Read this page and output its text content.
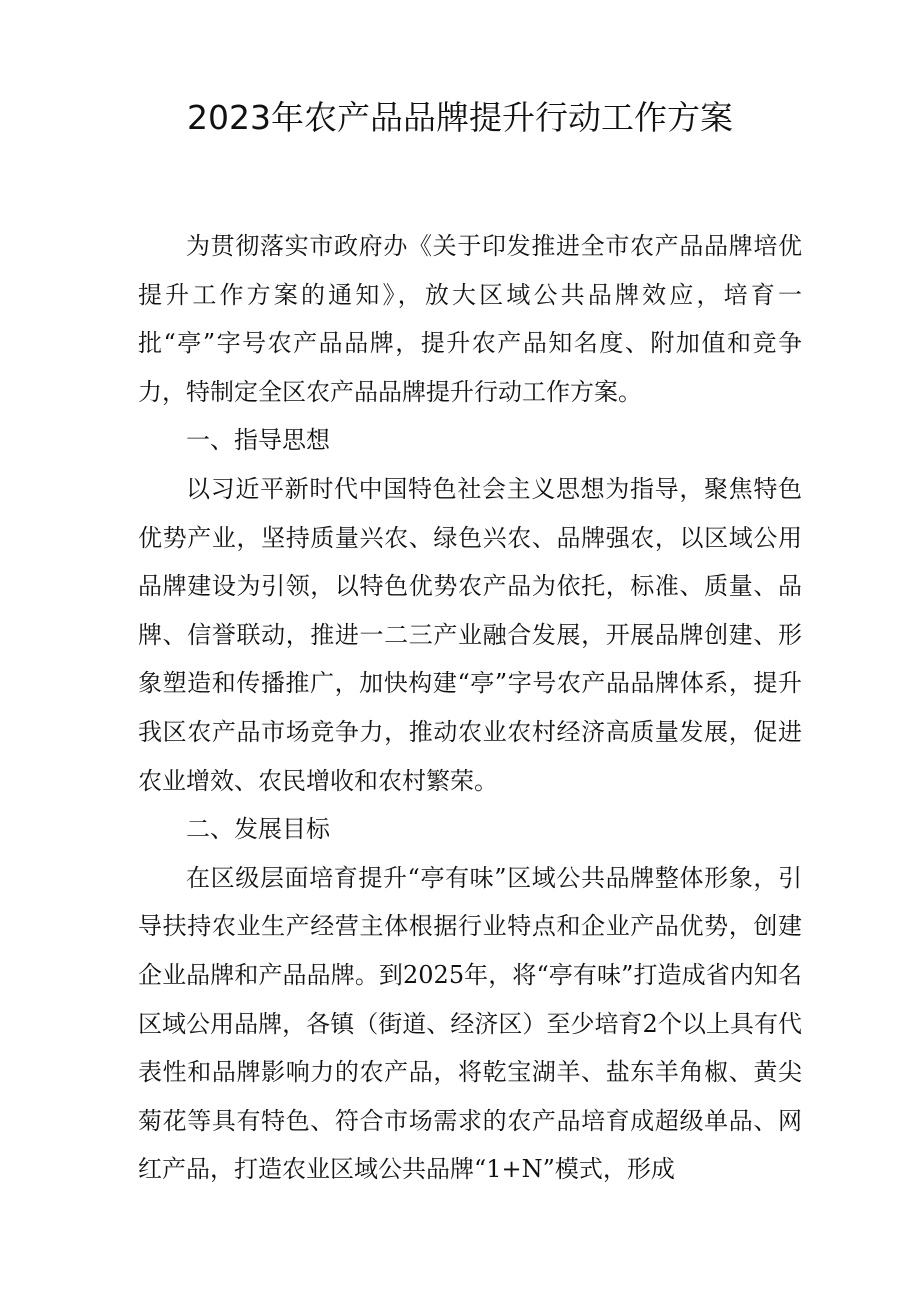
2023年农产品品牌提升行动工作方案

为贯彻落实市政府办《关于印发推进全市农产品品牌培优提升工作方案的通知》，放大区域公共品牌效应，培育一批“亭”字号农产品品牌，提升农产品知名度、附加值和竞争力，特制定全区农产品品牌提升行动工作方案。

一、指导思想

以习近平新时代中国特色社会主义思想为指导，聚焦特色优势产业，坚持质量兴农、绿色兴农、品牌强农，以区域公用品牌建设为引领，以特色优势农产品为依托，标准、质量、品牌、信誉联动，推进一二三产业融合发展，开展品牌创建、形象塑造和传播推广，加快构建“亭”字号农产品品牌体系，提升我区农产品市场竞争力，推动农业农村经济高质量发展，促进农业增效、农民增收和农村繁荣。

二、发展目标

在区级层面培育提升“亭有味”区域公共品牌整体形象，引导扶持农业生产经营主体根据行业特点和企业产品优势，创建企业品牌和产品品牌。到2025年，将“亭有味”打造成省内知名区域公用品牌，各镇（街道、经济区）至少培育2个以上具有代表性和品牌影响力的农产品，将乾宝湖羊、盐东羊角椒、黄尖菊花等具有特色、符合市场需求的农产品培育成超级单品、网红产品，打造农业区域公共品牌“1+N”模式，形成
